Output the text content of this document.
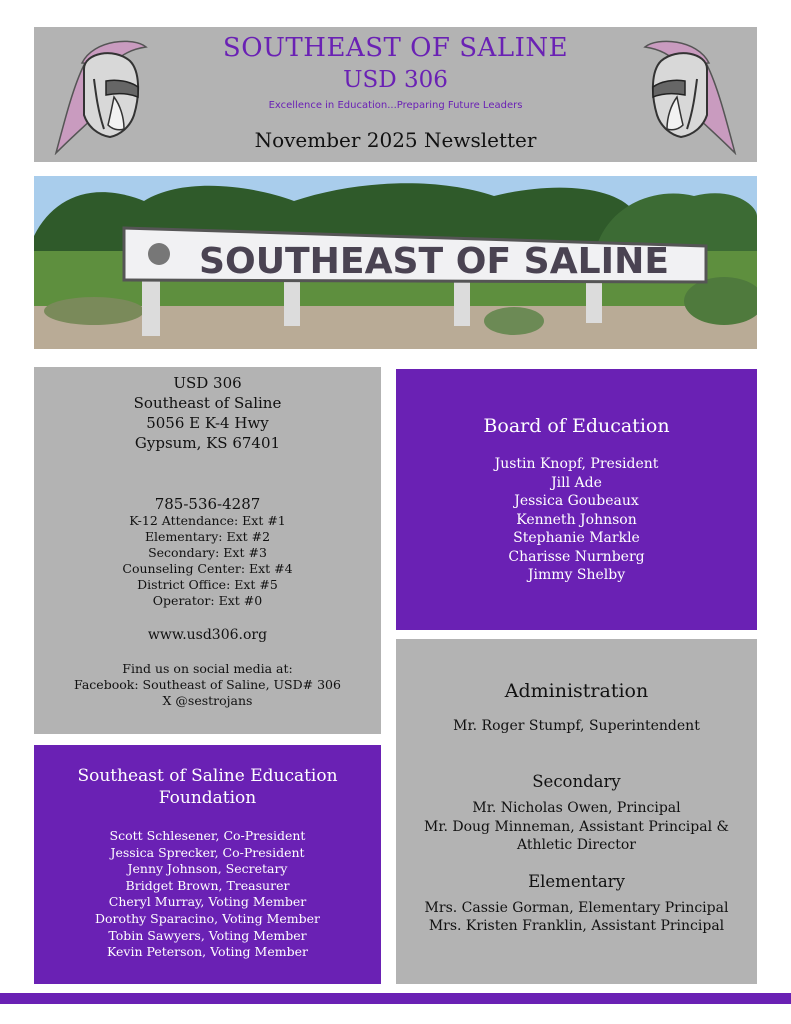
SOUTHEAST OF SALINE
USD 306
Excellence in Education...Preparing Future Leaders
November 2025 Newsletter
SOUTHEAST OF SALINE
USD 306
Southeast of Saline
5056 E K-4 Hwy
Gypsum, KS 67401
785-536-4287
K-12 Attendance: Ext #1
Elementary: Ext #2
Secondary: Ext #3
Counseling Center: Ext #4
District Office: Ext #5
Operator: Ext #0
www.usd306.org
Find us on social media at:
Facebook: Southeast of Saline, USD# 306
X @sestrojans
Board of Education
Justin Knopf, President
Jill Ade
Jessica Goubeaux
Kenneth Johnson
Stephanie Markle
Charisse Nurnberg
Jimmy Shelby
Administration
Mr. Roger Stumpf, Superintendent
Secondary
Mr. Nicholas Owen, Principal
Mr. Doug Minneman, Assistant Principal &
Athletic Director
Elementary
Mrs. Cassie Gorman, Elementary Principal
Mrs. Kristen Franklin, Assistant Principal
Southeast of Saline Education Foundation
Scott Schlesener, Co-President
Jessica Sprecker, Co-President
Jenny Johnson, Secretary
Bridget Brown, Treasurer
Cheryl Murray, Voting Member
Dorothy Sparacino, Voting Member
Tobin Sawyers, Voting Member
Kevin Peterson, Voting Member
